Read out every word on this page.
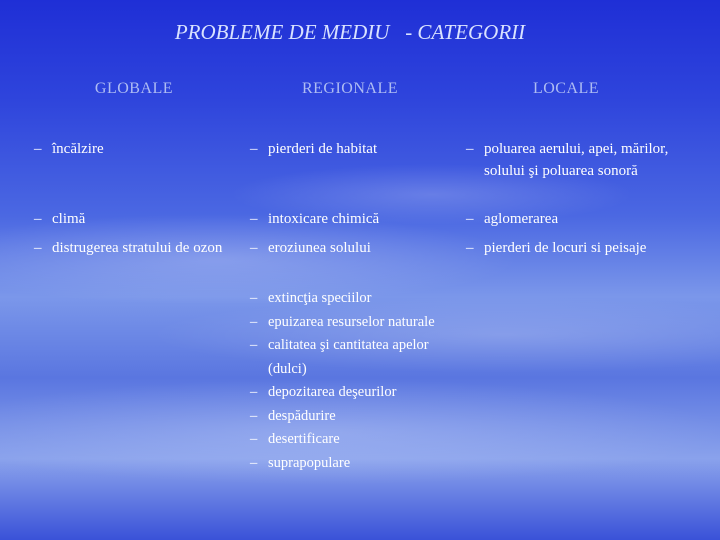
PROBLEME DE MEDIU   - CATEGORII
GLOBALE	REGIONALE	LOCALE
– încălzire
– climă
– distrugerea stratului de ozon
– pierderi de habitat
– intoxicare chimică
– eroziunea solului
– extincţia speciilor
– epuizarea resurselor naturale
– calitatea şi cantitatea apelor (dulci)
– depozitarea deşeurilor
– despădurire
– desertificare
– suprapopulare
– poluarea aerului, apei, mărilor, solului şi poluarea sonoră
– aglomerarea
– pierderi de locuri si peisaje
